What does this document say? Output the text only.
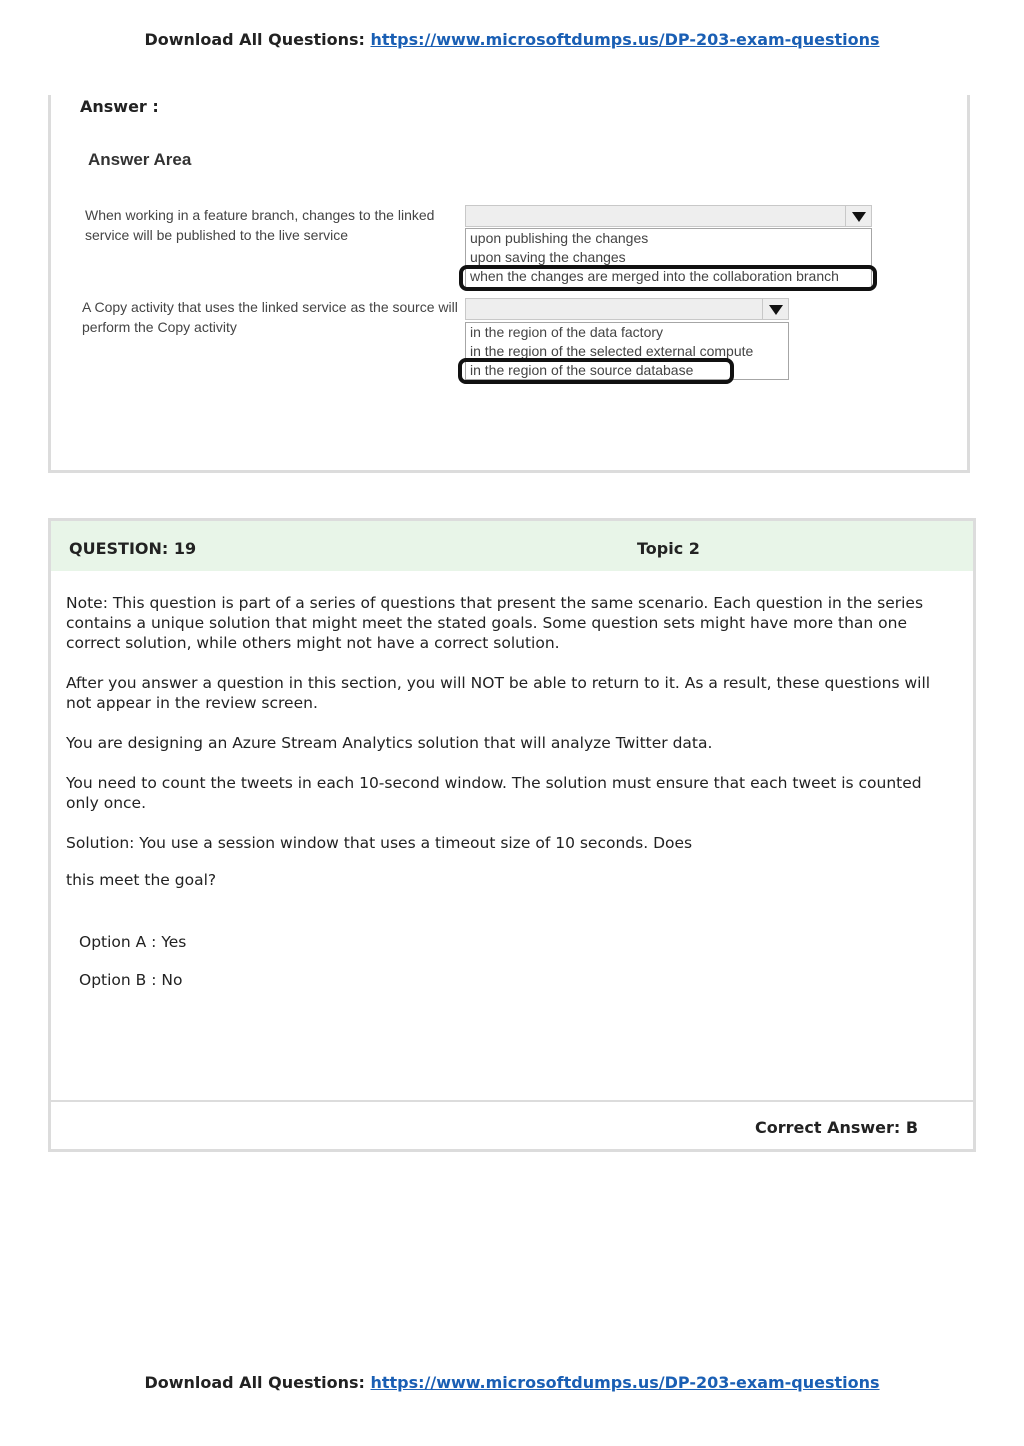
Download All Questions: https://www.microsoftdumps.us/DP-203-exam-questions
Answer :
Answer Area
When working in a feature branch, changes to the linked service will be published to the live service	upon publishing the changes
upon saving the changes
when the changes are merged into the collaboration branch
A Copy activity that uses the linked service as the source will perform the Copy activity	in the region of the data factory
in the region of the selected external compute
in the region of the source database
QUESTION: 19	Topic 2

Note: This question is part of a series of questions that present the same scenario. Each question in the series contains a unique solution that might meet the stated goals. Some question sets might have more than one correct solution, while others might not have a correct solution.

After you answer a question in this section, you will NOT be able to return to it. As a result, these questions will not appear in the review screen.

You are designing an Azure Stream Analytics solution that will analyze Twitter data.

You need to count the tweets in each 10-second window. The solution must ensure that each tweet is counted only once.

Solution: You use a session window that uses a timeout size of 10 seconds. Does

this meet the goal?

Option A : Yes
Option B : No
Correct Answer: B
Download All Questions: https://www.microsoftdumps.us/DP-203-exam-questions
